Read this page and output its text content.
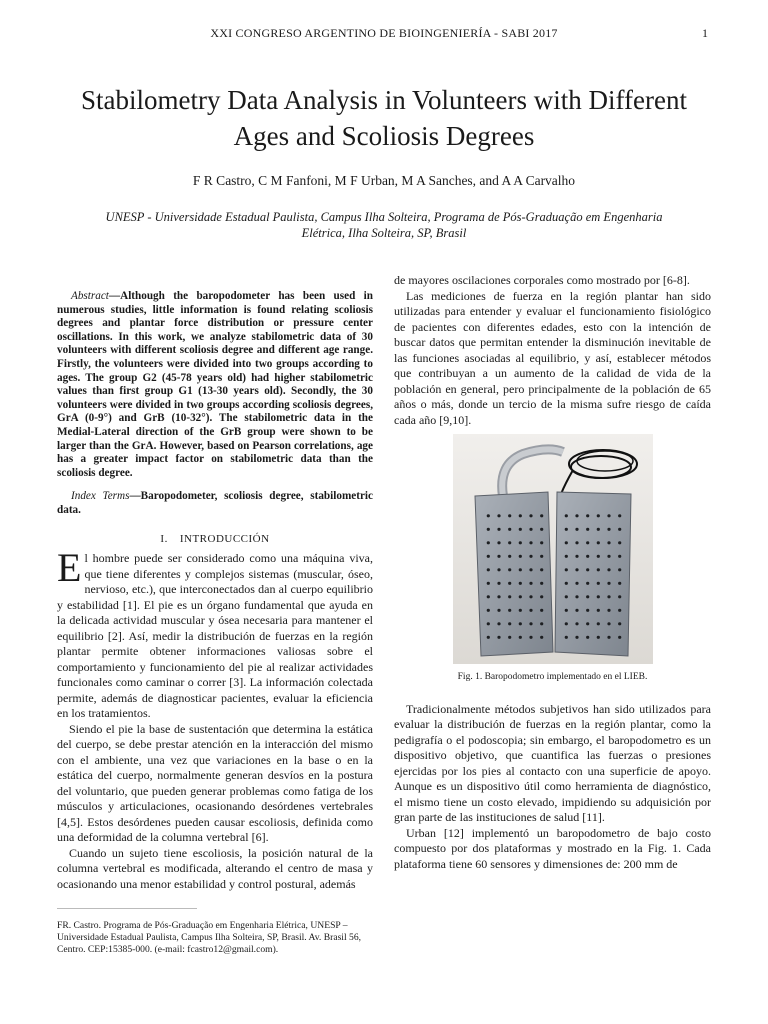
XXI CONGRESO ARGENTINO DE BIOINGENIERÍA - SABI 2017	1
Stabilometry Data Analysis in Volunteers with Different Ages and Scoliosis Degrees
F R Castro, C M Fanfoni, M F Urban, M A Sanches, and A A Carvalho
UNESP - Universidade Estadual Paulista, Campus Ilha Solteira, Programa de Pós-Graduação em Engenharia Elétrica, Ilha Solteira, SP, Brasil

Abstract—Although the baropodometer has been used in numerous studies, little information is found relating scoliosis degrees and plantar force distribution or pressure center oscillations. In this work, we analyze stabilometric data of 30 volunteers with different scoliosis degree and different age range. Firstly, the volunteers were divided into two groups according to ages. The group G2 (45-78 years old) had higher stabilometric values than first group G1 (13-30 years old). Secondly, the 30 volunteers were divided in two groups according scoliosis degrees, GrA (0-9°) and GrB (10-32°). The stabilometric data in the Medial-Lateral direction of the GrB group were shown to be larger than the GrA. However, based on Pearson correlations, age has a greater impact factor on stabilometric data than the scoliosis degree.

Index Terms—Baropodometer, scoliosis degree, stabilometric data.

I. INTRODUCCIÓN

El hombre puede ser considerado como una máquina viva, que tiene diferentes y complejos sistemas (muscular, óseo, nervioso, etc.), que interconectados dan al cuerpo equilibrio y estabilidad [1]. El pie es un órgano fundamental que ayuda en la delicada actividad muscular y ósea necesaria para mantener el equilibrio [2]. Así, medir la distribución de fuerzas en la región plantar permite obtener informaciones valiosas sobre el comportamiento y funcionamiento del pie al realizar actividades funcionales como caminar o correr [3]. La información colectada permite, además de diagnosticar pacientes, evaluar la eficiencia en los tratamientos.

Siendo el pie la base de sustentación que determina la estática del cuerpo, se debe prestar atención en la interacción del mismo con el ambiente, una vez que variaciones en la base o en la estática del cuerpo, normalmente generan desvíos en la postura del voluntario, que pueden generar problemas como fatiga de los músculos y articulaciones, ocasionando desórdenes vertebrales [4,5]. Estos desórdenes pueden causar escoliosis, definida como una deformidad de la columna vertebral [6].

Cuando un sujeto tiene escoliosis, la posición natural de la columna vertebral es modificada, alterando el centro de masa y ocasionando una menor estabilidad y control postural, además

de mayores oscilaciones corporales como mostrado por [6-8].

Las mediciones de fuerza en la región plantar han sido utilizadas para entender y evaluar el funcionamiento fisiológico de pacientes con diferentes edades, esto con la intención de buscar datos que permitan entender la disminución inevitable de las funciones asociadas al equilibrio, y así, establecer métodos que contribuyan a un aumento de la calidad de vida de la población en general, pero principalmente de la población de 65 años o más, donde un tercio de la misma sufre riesgo de caída cada año [9,10].

Fig. 1. Baropodometro implementado en el LIEB.

Tradicionalmente métodos subjetivos han sido utilizados para evaluar la distribución de fuerzas en la región plantar, como la pedigrafía o el podoscopia; sin embargo, el baropodometro es un dispositivo objetivo, que cuantifica las fuerzas o presiones ejercidas por los pies al contacto con una superficie de apoyo. Aunque es un dispositivo útil como herramienta de diagnóstico, el mismo tiene un costo elevado, impidiendo su adquisición por gran parte de las instituciones de salud [11].

Urban [12] implementó un baropodometro de bajo costo compuesto por dos plataformas y mostrado en la Fig. 1. Cada plataforma tiene 60 sensores y dimensiones de: 200 mm de

FR. Castro. Programa de Pós-Graduação em Engenharia Elétrica, UNESP – Universidade Estadual Paulista, Campus Ilha Solteira, SP, Brasil. Av. Brasil 56, Centro. CEP:15385-000. (e-mail: fcastro12@gmail.com).
